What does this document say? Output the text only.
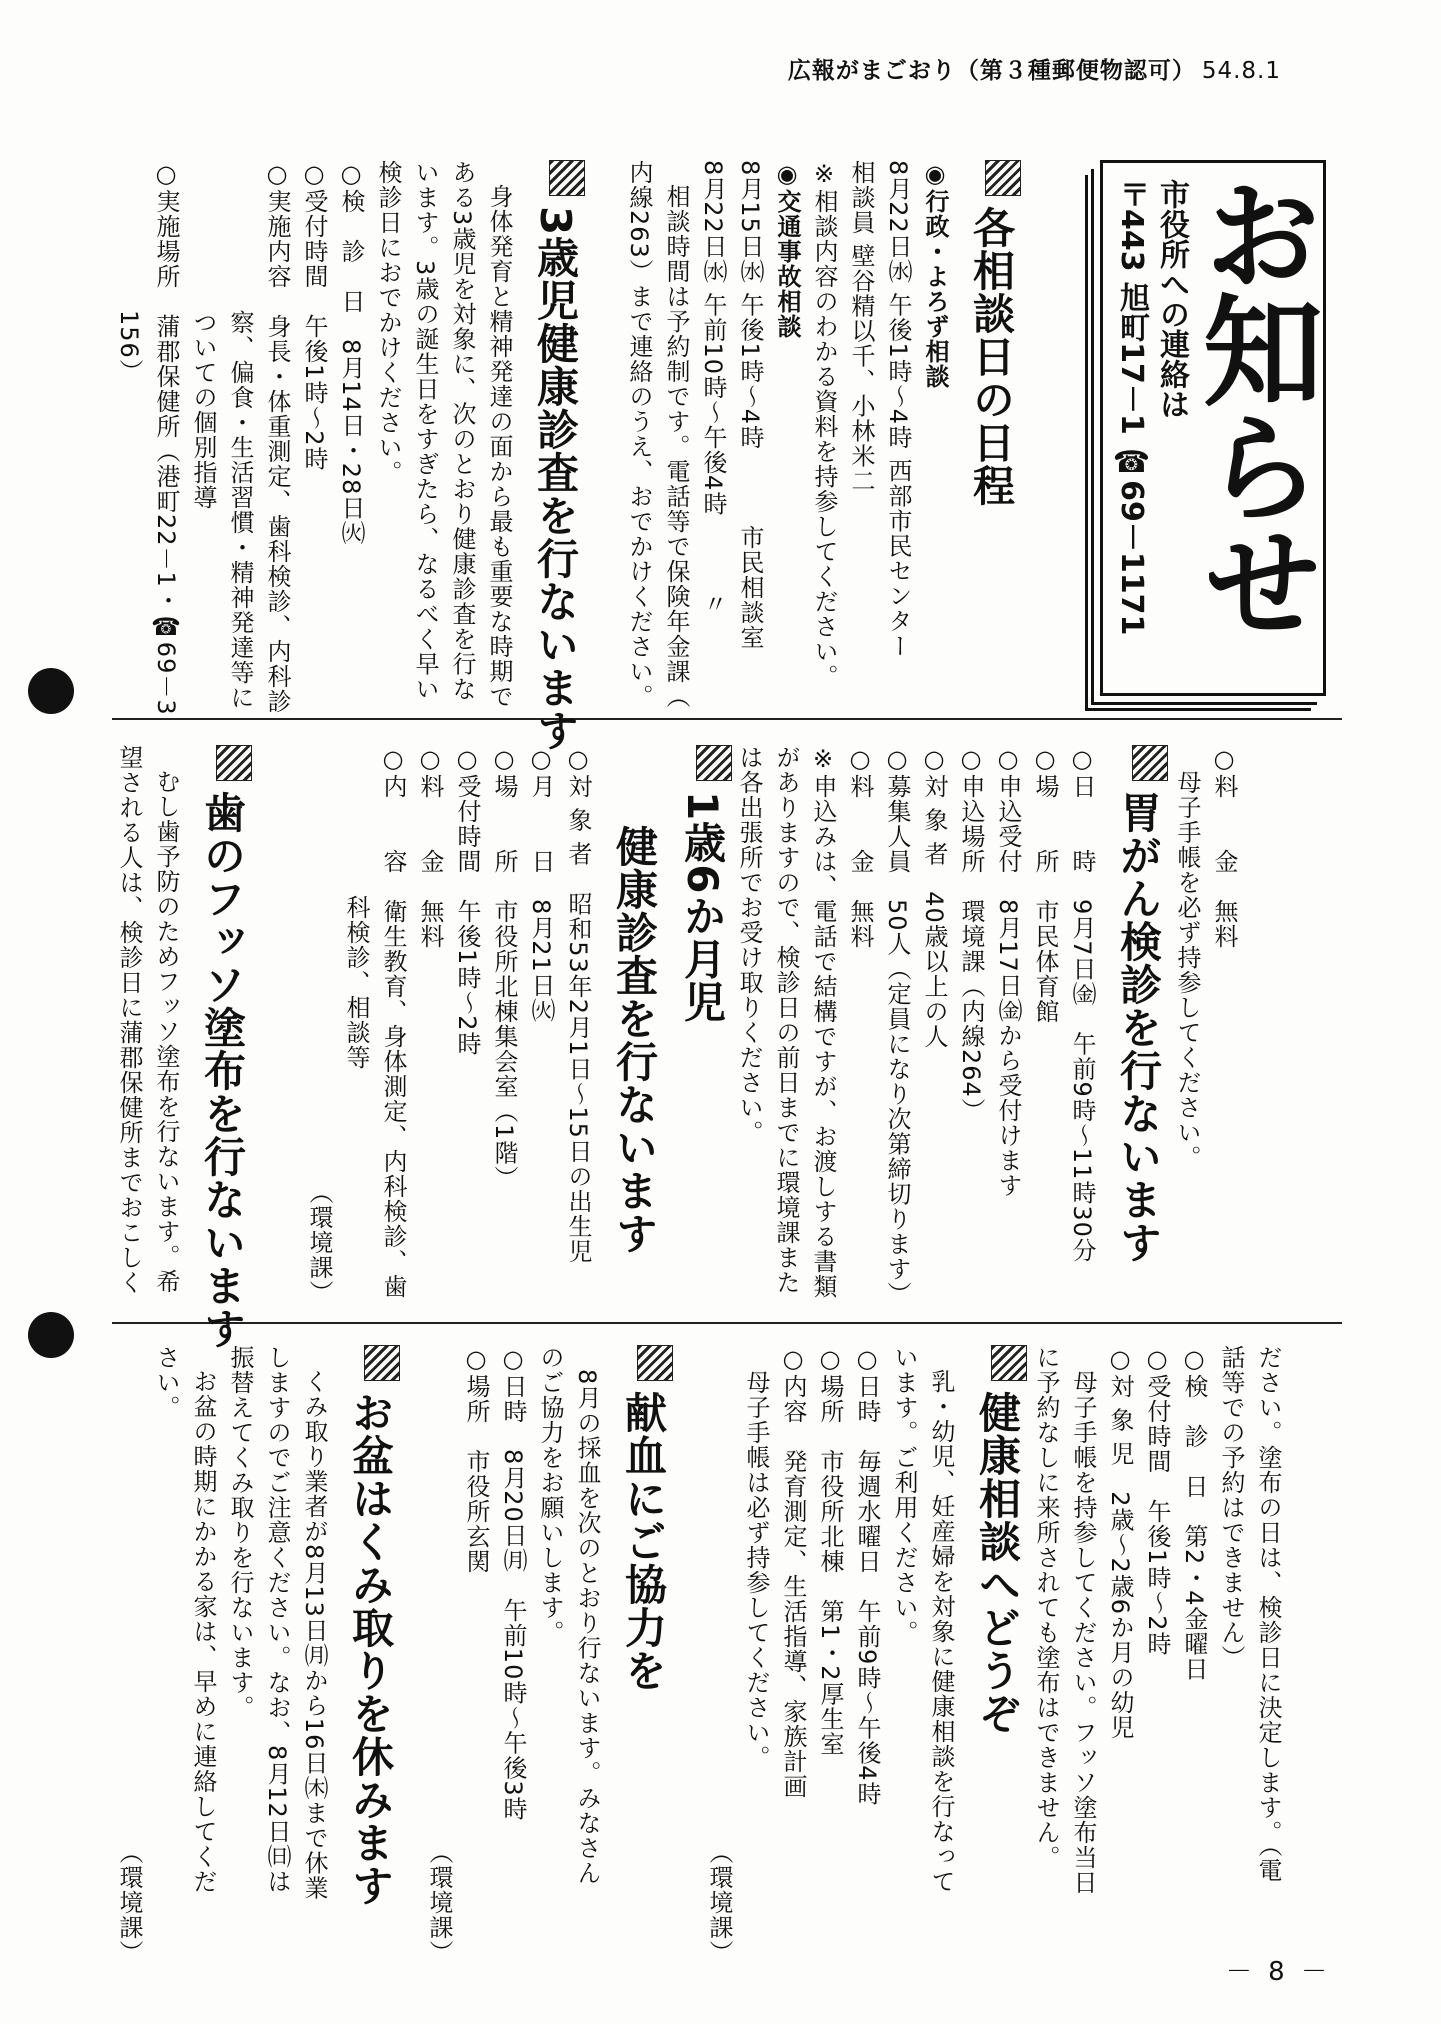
広報がまごおり（第３種郵便物認可） 54.8.1
お知らせ
市役所への連絡は
〒443 旭町17－1 ☎69－1171
各相談日の日程
◉行政・よろず相談
8月22日㈬ 午後1時～4時 西部市民センター
相談員 壁谷精以千、小林米二
※相談内容のわかる資料を持参してください。
◉交通事故相談
8月15日㈬ 午後1時～4時　　　市民相談室
8月22日㈬ 午前10時～午後4時　　　〃
相談時間は予約制です。電話等で保険年金課（
内線263）まで連絡のうえ、おでかけください。
3歳児健康診査を行ないます
身体発育と精神発達の面から最も重要な時期で
ある3歳児を対象に、次のとおり健康診査を行な
います。3歳の誕生日をすぎたら、なるべく早い
検診日におでかけください。
○検　診　日　8月14日・28日㈫
○受付時間　午後1時～2時
○実施内容　身長・体重測定、歯科検診、内科診
　　　　　　察、偏食・生活習慣・精神発達等に
　　　　　　ついての個別指導
○実施場所　蒲郡保健所（港町22－1・☎69－3
　　　　　　156）
○料　　金　無料
　母子手帳を必ず持参してください。
胃がん検診を行ないます
○日　　時　9月7日㈮　午前9時～11時30分
○場　　所　市民体育館
○申込受付　8月17日㈮から受付けます
○申込場所　環境課（内線264）
○対 象 者　40歳以上の人
○募集人員　50人（定員になり次第締切ります）
○料　　金　無料
※申込みは、電話で結構ですが、お渡しする書類
がありますので、検診日の前日までに環境課また
は各出張所でお受け取りください。
1歳6か月児
健康診査を行ないます
○対 象 者　昭和53年2月1日～15日の出生児
○月　　日　8月21日㈫
○場　　所　市役所北棟集会室（1階）
○受付時間　午後1時～2時
○料　　金　無料
○内　　容　衛生教育、身体測定、内科検診、歯
　　　　　　科検診、相談等
（環境課）
歯のフッソ塗布を行ないます
むし歯予防のためフッソ塗布を行ないます。希
望される人は、検診日に蒲郡保健所までおこしく
ださい。塗布の日は、検診日に決定します。（電
話等での予約はできません）
○検　診　日　第2・4金曜日
○受付時間　午後1時～2時
○対 象 児　2歳～2歳6か月の幼児
　母子手帳を持参してください。フッソ塗布当日
に予約なしに来所されても塗布はできません。
健康相談へどうぞ
乳・幼児、妊産婦を対象に健康相談を行なって
います。ご利用ください。
○日時　毎週水曜日　午前9時～午後4時
○場所　市役所北棟　第1・2厚生室
○内容　発育測定、生活指導、家族計画
　母子手帳は必ず持参してください。
（環境課）
献血にご協力を
8月の採血を次のとおり行ないます。みなさん
のご協力をお願いします。
○日時　8月20日㈪　午前10時～午後3時
○場所　市役所玄関
（環境課）
お盆はくみ取りを休みます
くみ取り業者が8月13日㈪から16日㈭まで休業
しますのでご注意ください。なお、8月12日㈰は
振替えてくみ取りを行ないます。
お盆の時期にかかる家は、早めに連絡してくだ
さい。
（環境課）
－ 8 －
